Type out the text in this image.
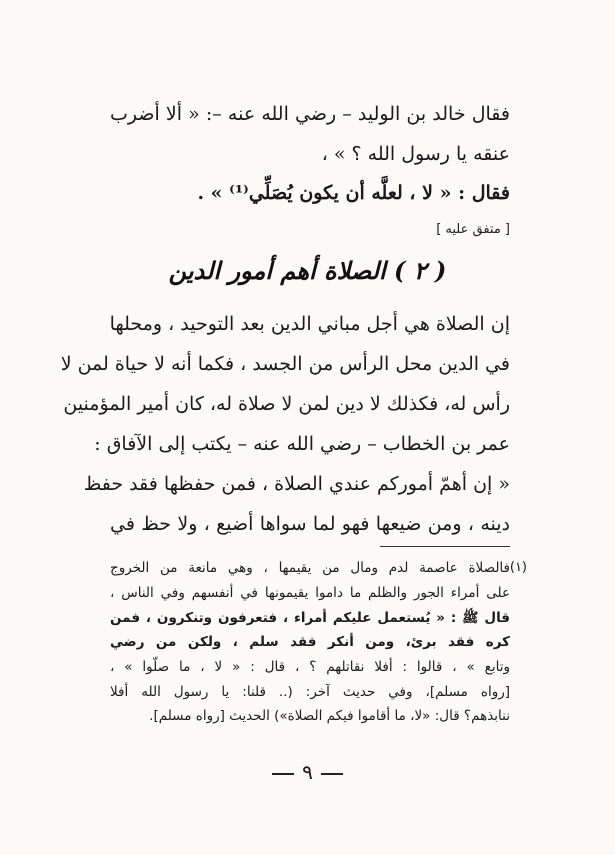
فقال خالد بن الوليد – رضي الله عنه –: « ألا أضرب
عنقه يا رسول الله ؟ » ،
فقال : « لا ، لعلَّه أن يكون يُصَلِّي⁽¹⁾ » .
[ متفق عليه ]
( ٢ ) الصلاة أهم أمور الدين
إن الصلاة هي أجل مباني الدين بعد التوحيد ، ومحلها
في الدين محل الرأس من الجسد ، فكما أنه لا حياة لمن لا
رأس له، فكذلك لا دين لمن لا صلاة له، كان أمير المؤمنين
عمر بن الخطاب – رضي الله عنه – يكتب إلى الآفاق :
« إن أهمّ أموركم عندي الصلاة ، فمن حفظها فقد حفظ
دينه ، ومن ضيعها فهو لما سواها أضيع ، ولا حظ في
(١)
فالصلاة عاصمة لدم ومال من يقيمها ، وهي مانعة من الخروج
على أمراء الجور والظلم ما داموا يقيمونها في أنفسهم وفي الناس ،
قال ﷺ : « يُستعمل عليكم أمراء ، فتعرفون وتنكرون ، فمن
كره فقد برئ، ومن أنكر فقد سلم ، ولكن من رضي
وتابع » ، قالوا : أفلا نقاتلهم ؟ ، قال : « لا ، ما صلّوا » ،
[رواه مسلم]، وفي حديث آخر: (.. قلنا: يا رسول الله أفلا
ننابذهم؟ قال: «لا، ما أقاموا فيكم الصلاة») الحديث [رواه مسلم].
٩
